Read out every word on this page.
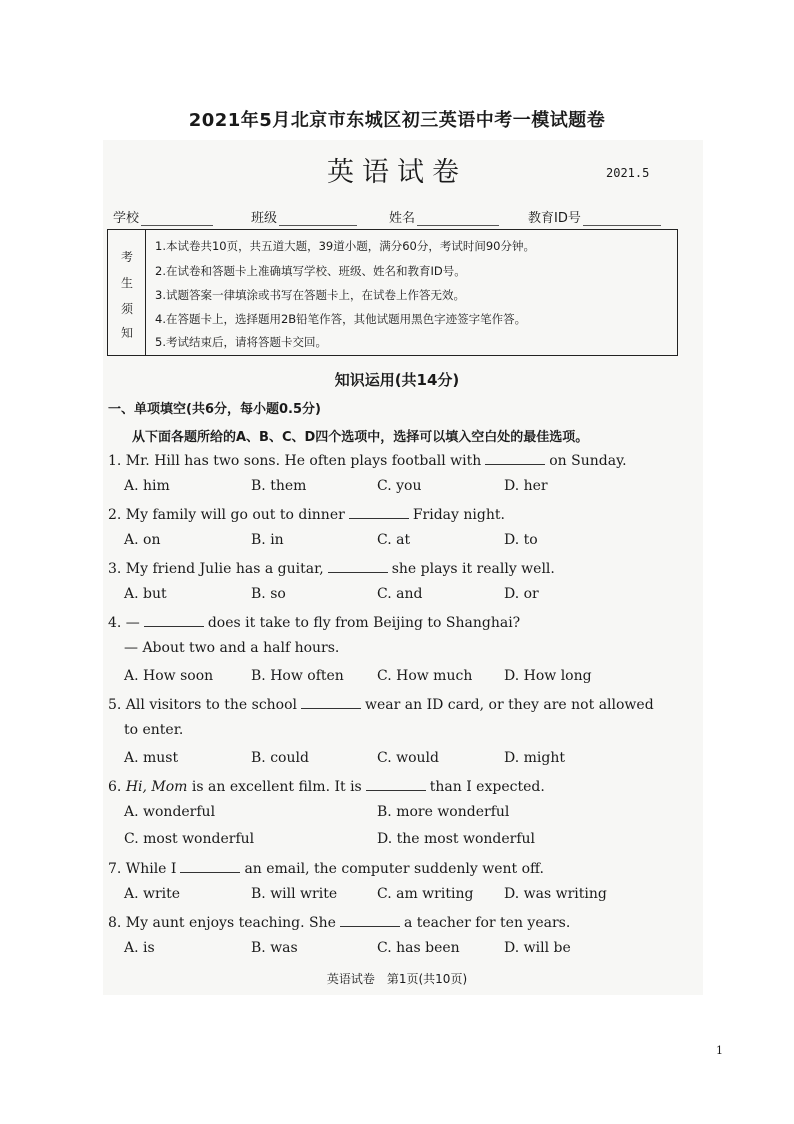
2021年5月北京市东城区初三英语中考一模试题卷
英语试卷	2021.5
学校	班级	姓名	教育ID号
考
生
须
知
1.本试卷共10页，共五道大题，39道小题，满分60分，考试时间90分钟。
2.在试卷和答题卡上准确填写学校、班级、姓名和教育ID号。
3.试题答案一律填涂或书写在答题卡上，在试卷上作答无效。
4.在答题卡上，选择题用2B铅笔作答，其他试题用黑色字迹签字笔作答。
5.考试结束后，请将答题卡交回。
知识运用(共14分)
一、单项填空(共6分，每小题0.5分)
从下面各题所给的A、B、C、D四个选项中，选择可以填入空白处的最佳选项。
1. Mr. Hill has two sons. He often plays football with	on Sunday.
A. him	B. them	C. you	D. her
2. My family will go out to dinner	Friday night.
A. on	B. in	C. at	D. to
3. My friend Julie has a guitar,	she plays it really well.
A. but	B. so	C. and	D. or
4. —	does it take to fly from Beijing to Shanghai?
— About two and a half hours.
A. How soon	B. How often C. How much D. How long
5. All visitors to the school	wear an ID card, or they are not allowed
to enter.
A. must	B. could	C. would	D. might
6. Hi, Mom is an excellent film. It is	than I expected.
A. wonderful	B. more wonderful
C. most wonderful	D. the most wonderful
7. While I	an email, the computer suddenly went off.
A. write	B. will write	C. am writing D. was writing
8. My aunt enjoys teaching. She	a teacher for ten years.
A. is	B. was	C. has been	D. will be
英语试卷　第1页(共10页)
1
